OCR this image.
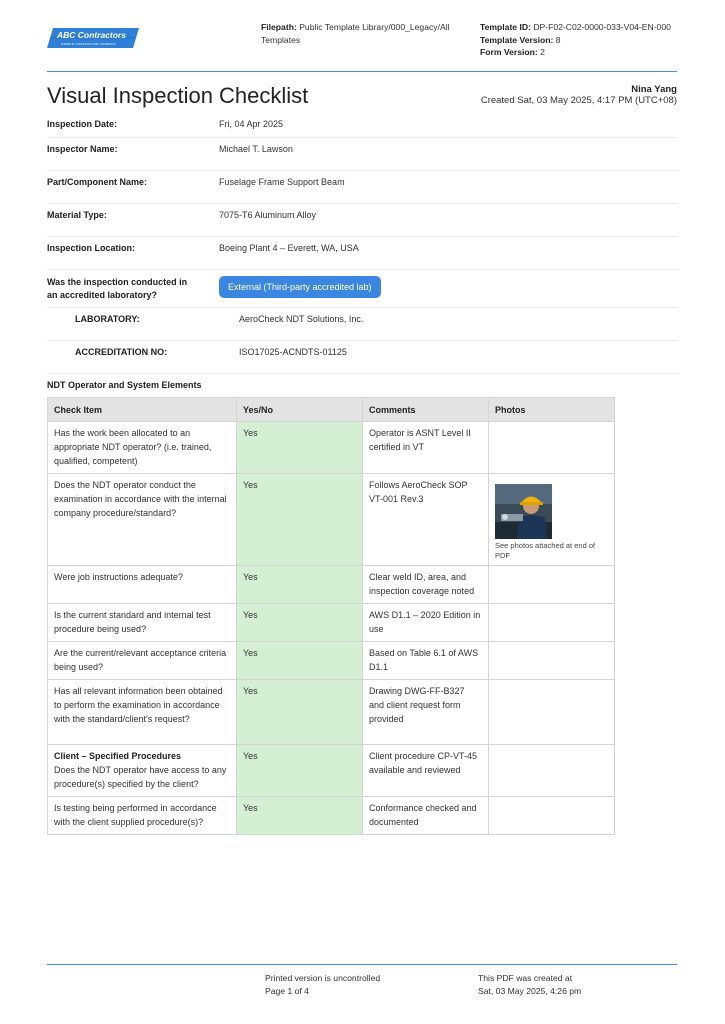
ABC Contractors
SAMPLE CONTRACTOR COMPANY
Filepath: Public Template Library/000_Legacy/All Templates
Template ID: DP-F02-C02-0000-033-V04-EN-000
Template Version: 8
Form Version: 2
Visual Inspection Checklist	Nina Yang
Created Sat, 03 May 2025, 4:17 PM (UTC+08)
Inspection Date:	Fri, 04 Apr 2025
Inspector Name:	Michael T. Lawson
Part/Component Name:	Fuselage Frame Support Beam
Material Type:	7075-T6 Aluminum Alloy
Inspection Location:	Boeing Plant 4 – Everett, WA, USA
Was the inspection conducted in
an accredited laboratory?
External (Third-party accredited lab)
LABORATORY:	AeroCheck NDT Solutions, Inc.
ACCREDITATION NO:	ISO17025-ACNDTS-01125
NDT Operator and System Elements
Check Item	Yes/No	Comments	Photos
Has the work been allocated to an appropriate NDT operator? (i.e. trained, qualified, competent)	Yes	Operator is ASNT Level II certified in VT	
Does the NDT operator conduct the examination in accordance with the internal company procedure/standard?	Yes	Follows AeroCheck SOP VT-001 Rev.3	See photos attached at end of PDF

Were job instructions adequate?	Yes	Clear weld ID, area, and inspection coverage noted	
Is the current standard and internal test procedure being used?	Yes	AWS D1.1 – 2020 Edition in use	
Are the current/relevant acceptance criteria being used?	Yes	Based on Table 6.1 of AWS D1.1	
Has all relevant information been obtained to perform the examination in accordance with the standard/client's request?	Yes	Drawing DWG-FF-B327 and client request form provided	

Client – Specified Procedures
Does the NDT operator have access to any procedure(s) specified by the client?	Yes	Client procedure CP-VT-45 available and reviewed	
Is testing being performed in accordance with the client supplied procedure(s)?	Yes	Conformance checked and documented	
Printed version is uncontrolled
Page 1 of 4
This PDF was created at
Sat, 03 May 2025, 4:26 pm
